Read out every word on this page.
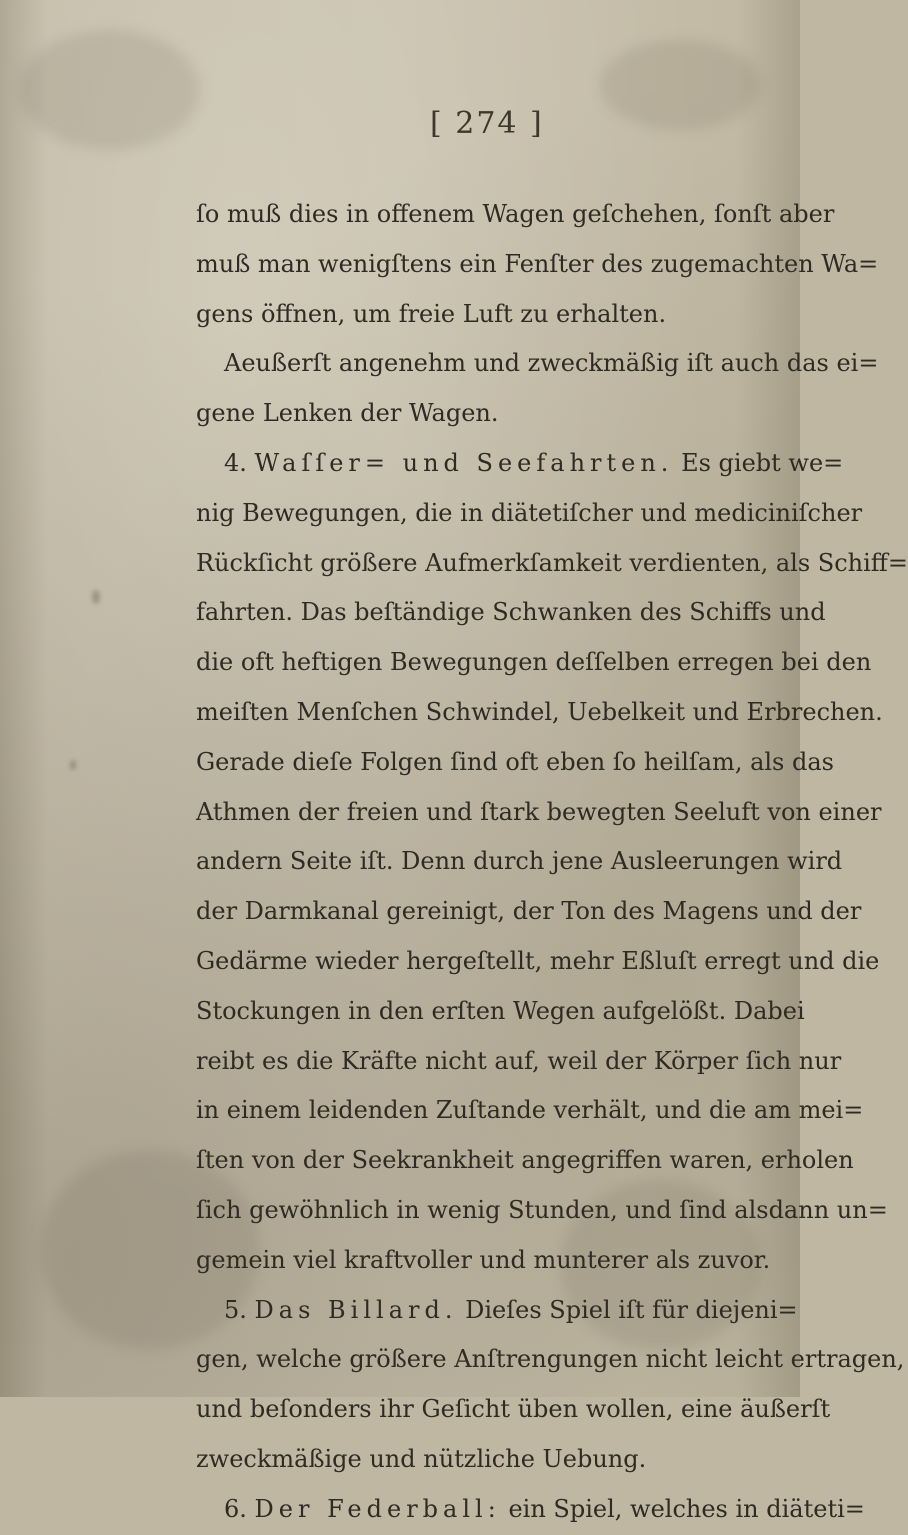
[ 274 ]
ſo muß dies in offenem Wagen geſchehen, ſonſt aber
muß man wenigſtens ein Fenſter des zugemachten Wa=
gens öffnen, um freie Luft zu erhalten.
Aeußerſt angenehm und zweckmäßig iſt auch das ei=
gene Lenken der Wagen.
4. Waſſer= und Seefahrten. Es giebt we=
nig Bewegungen, die in diätetiſcher und mediciniſcher
Rückſicht größere Aufmerkſamkeit verdienten, als Schiff=
fahrten. Das beſtändige Schwanken des Schiffs und
die oft heftigen Bewegungen deſſelben erregen bei den
meiſten Menſchen Schwindel, Uebelkeit und Erbrechen.
Gerade dieſe Folgen ſind oft eben ſo heilſam, als das
Athmen der freien und ſtark bewegten Seeluft von einer
andern Seite iſt. Denn durch jene Ausleerungen wird
der Darmkanal gereinigt, der Ton des Magens und der
Gedärme wieder hergeſtellt, mehr Eßluſt erregt und die
Stockungen in den erſten Wegen aufgelößt. Dabei
reibt es die Kräfte nicht auf, weil der Körper ſich nur
in einem leidenden Zuſtande verhält, und die am mei=
ſten von der Seekrankheit angegriffen waren, erholen
ſich gewöhnlich in wenig Stunden, und ſind alsdann un=
gemein viel kraftvoller und munterer als zuvor.
5. Das Billard. Dieſes Spiel iſt für diejeni=
gen, welche größere Anſtrengungen nicht leicht ertragen,
und beſonders ihr Geſicht üben wollen, eine äußerſt
zweckmäßige und nützliche Uebung.
6. Der Federball: ein Spiel, welches in diäteti=
